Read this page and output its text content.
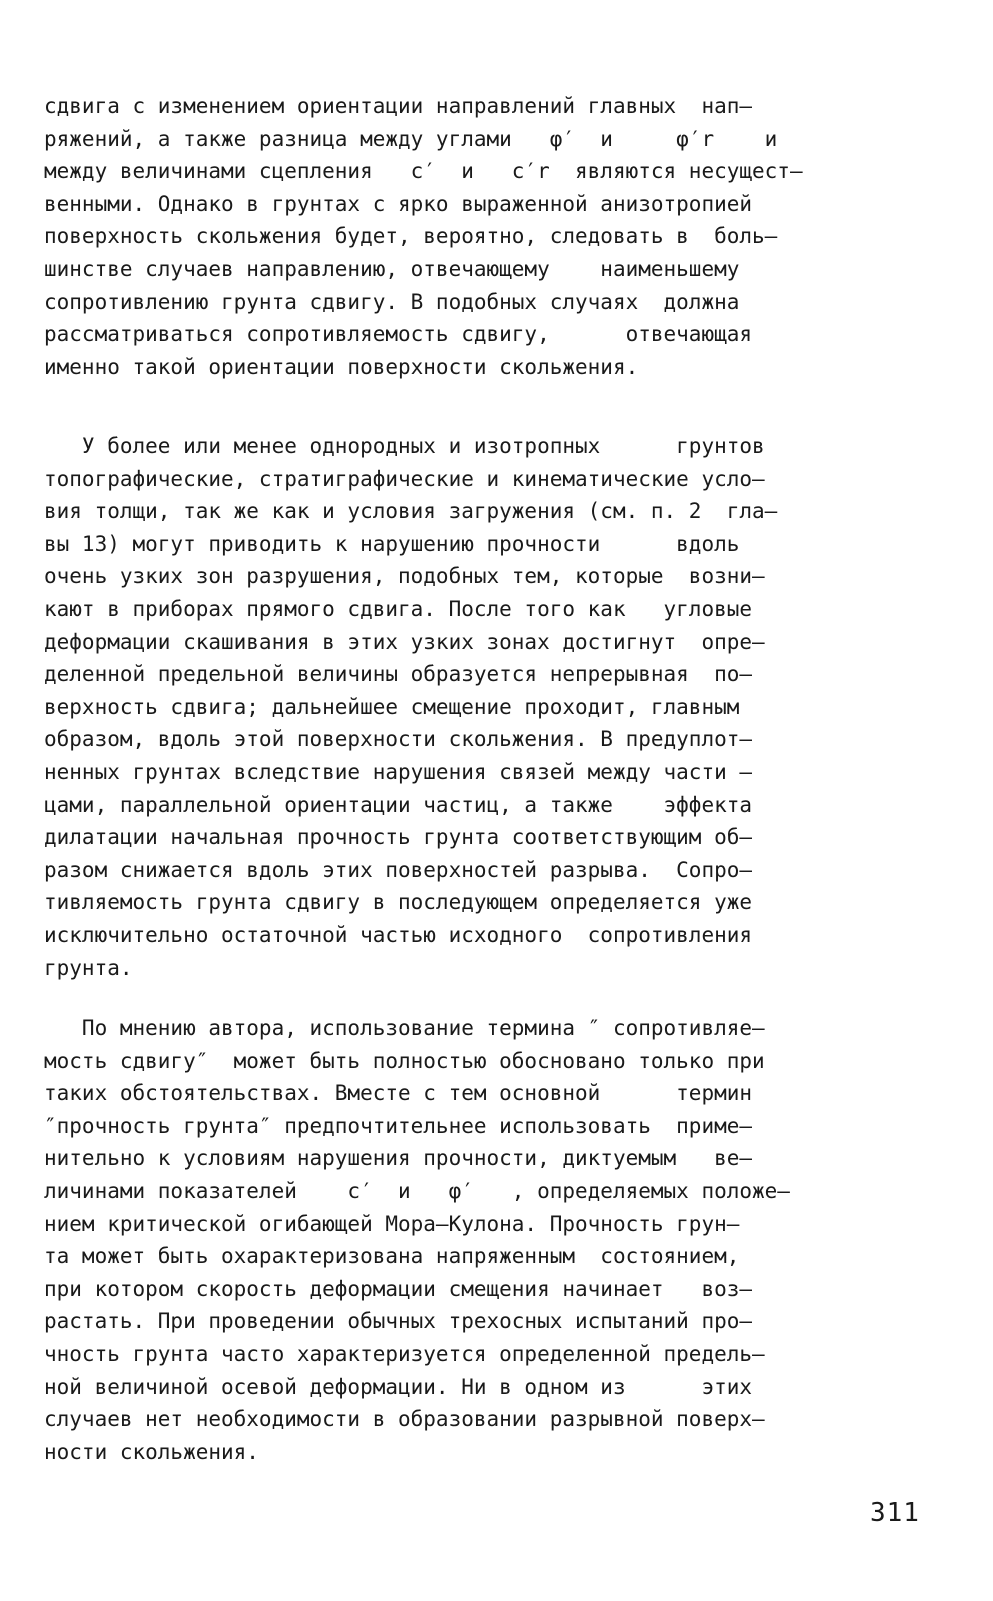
сдвига с изменением ориентации направлений главных  нап–
ряжений, а также разница между углами   φ′  и     φ′r    и
между величинами сцепления   с′  и   с′r  являются несущест–
венными. Однако в грунтах с ярко выраженной анизотропией
поверхность скольжения будет, вероятно, следовать в  боль–
шинстве случаев направлению, отвечающему    наименьшему
сопротивлению грунта сдвигу. В подобных случаях  должна
рассматриваться сопротивляемость сдвигу,      отвечающая
именно такой ориентации поверхности скольжения.
У более или менее однородных и изотропных      грунтов
топографические, стратиграфические и кинематические усло–
вия толщи, так же как и условия загружения (см. п. 2  гла–
вы 13) могут приводить к нарушению прочности      вдоль
очень узких зон разрушения, подобных тем, которые  возни–
кают в приборах прямого сдвига. После того как   угловые
деформации скашивания в этих узких зонах достигнут  опре–
деленной предельной величины образуется непрерывная  по–
верхность сдвига; дальнейшее смещение проходит, главным
образом, вдоль этой поверхности скольжения. В предуплот–
ненных грунтах вследствие нарушения связей между части –
цами, параллельной ориентации частиц, а также    эффекта
дилатации начальная прочность грунта соответствующим об–
разом снижается вдоль этих поверхностей разрыва.  Сопро–
тивляемость грунта сдвигу в последующем определяется уже
исключительно остаточной частью исходного  сопротивления
грунта.
По мнению автора, использование термина ″ сопротивляе–
мость сдвигу″  может быть полностью обосновано только при
таких обстоятельствах. Вместе с тем основной      термин
″прочность грунта″ предпочтительнее использовать  приме–
нительно к условиям нарушения прочности, диктуемым   ве–
личинами показателей    с′  и   φ′   , определяемых положе–
нием критической огибающей Мора–Кулона. Прочность грун–
та может быть охарактеризована напряженным  состоянием,
при котором скорость деформации смещения начинает   воз–
растать. При проведении обычных трехосных испытаний про–
чность грунта часто характеризуется определенной предель–
ной величиной осевой деформации. Ни в одном из      этих
случаев нет необходимости в образовании разрывной поверх–
ности скольжения.
311
